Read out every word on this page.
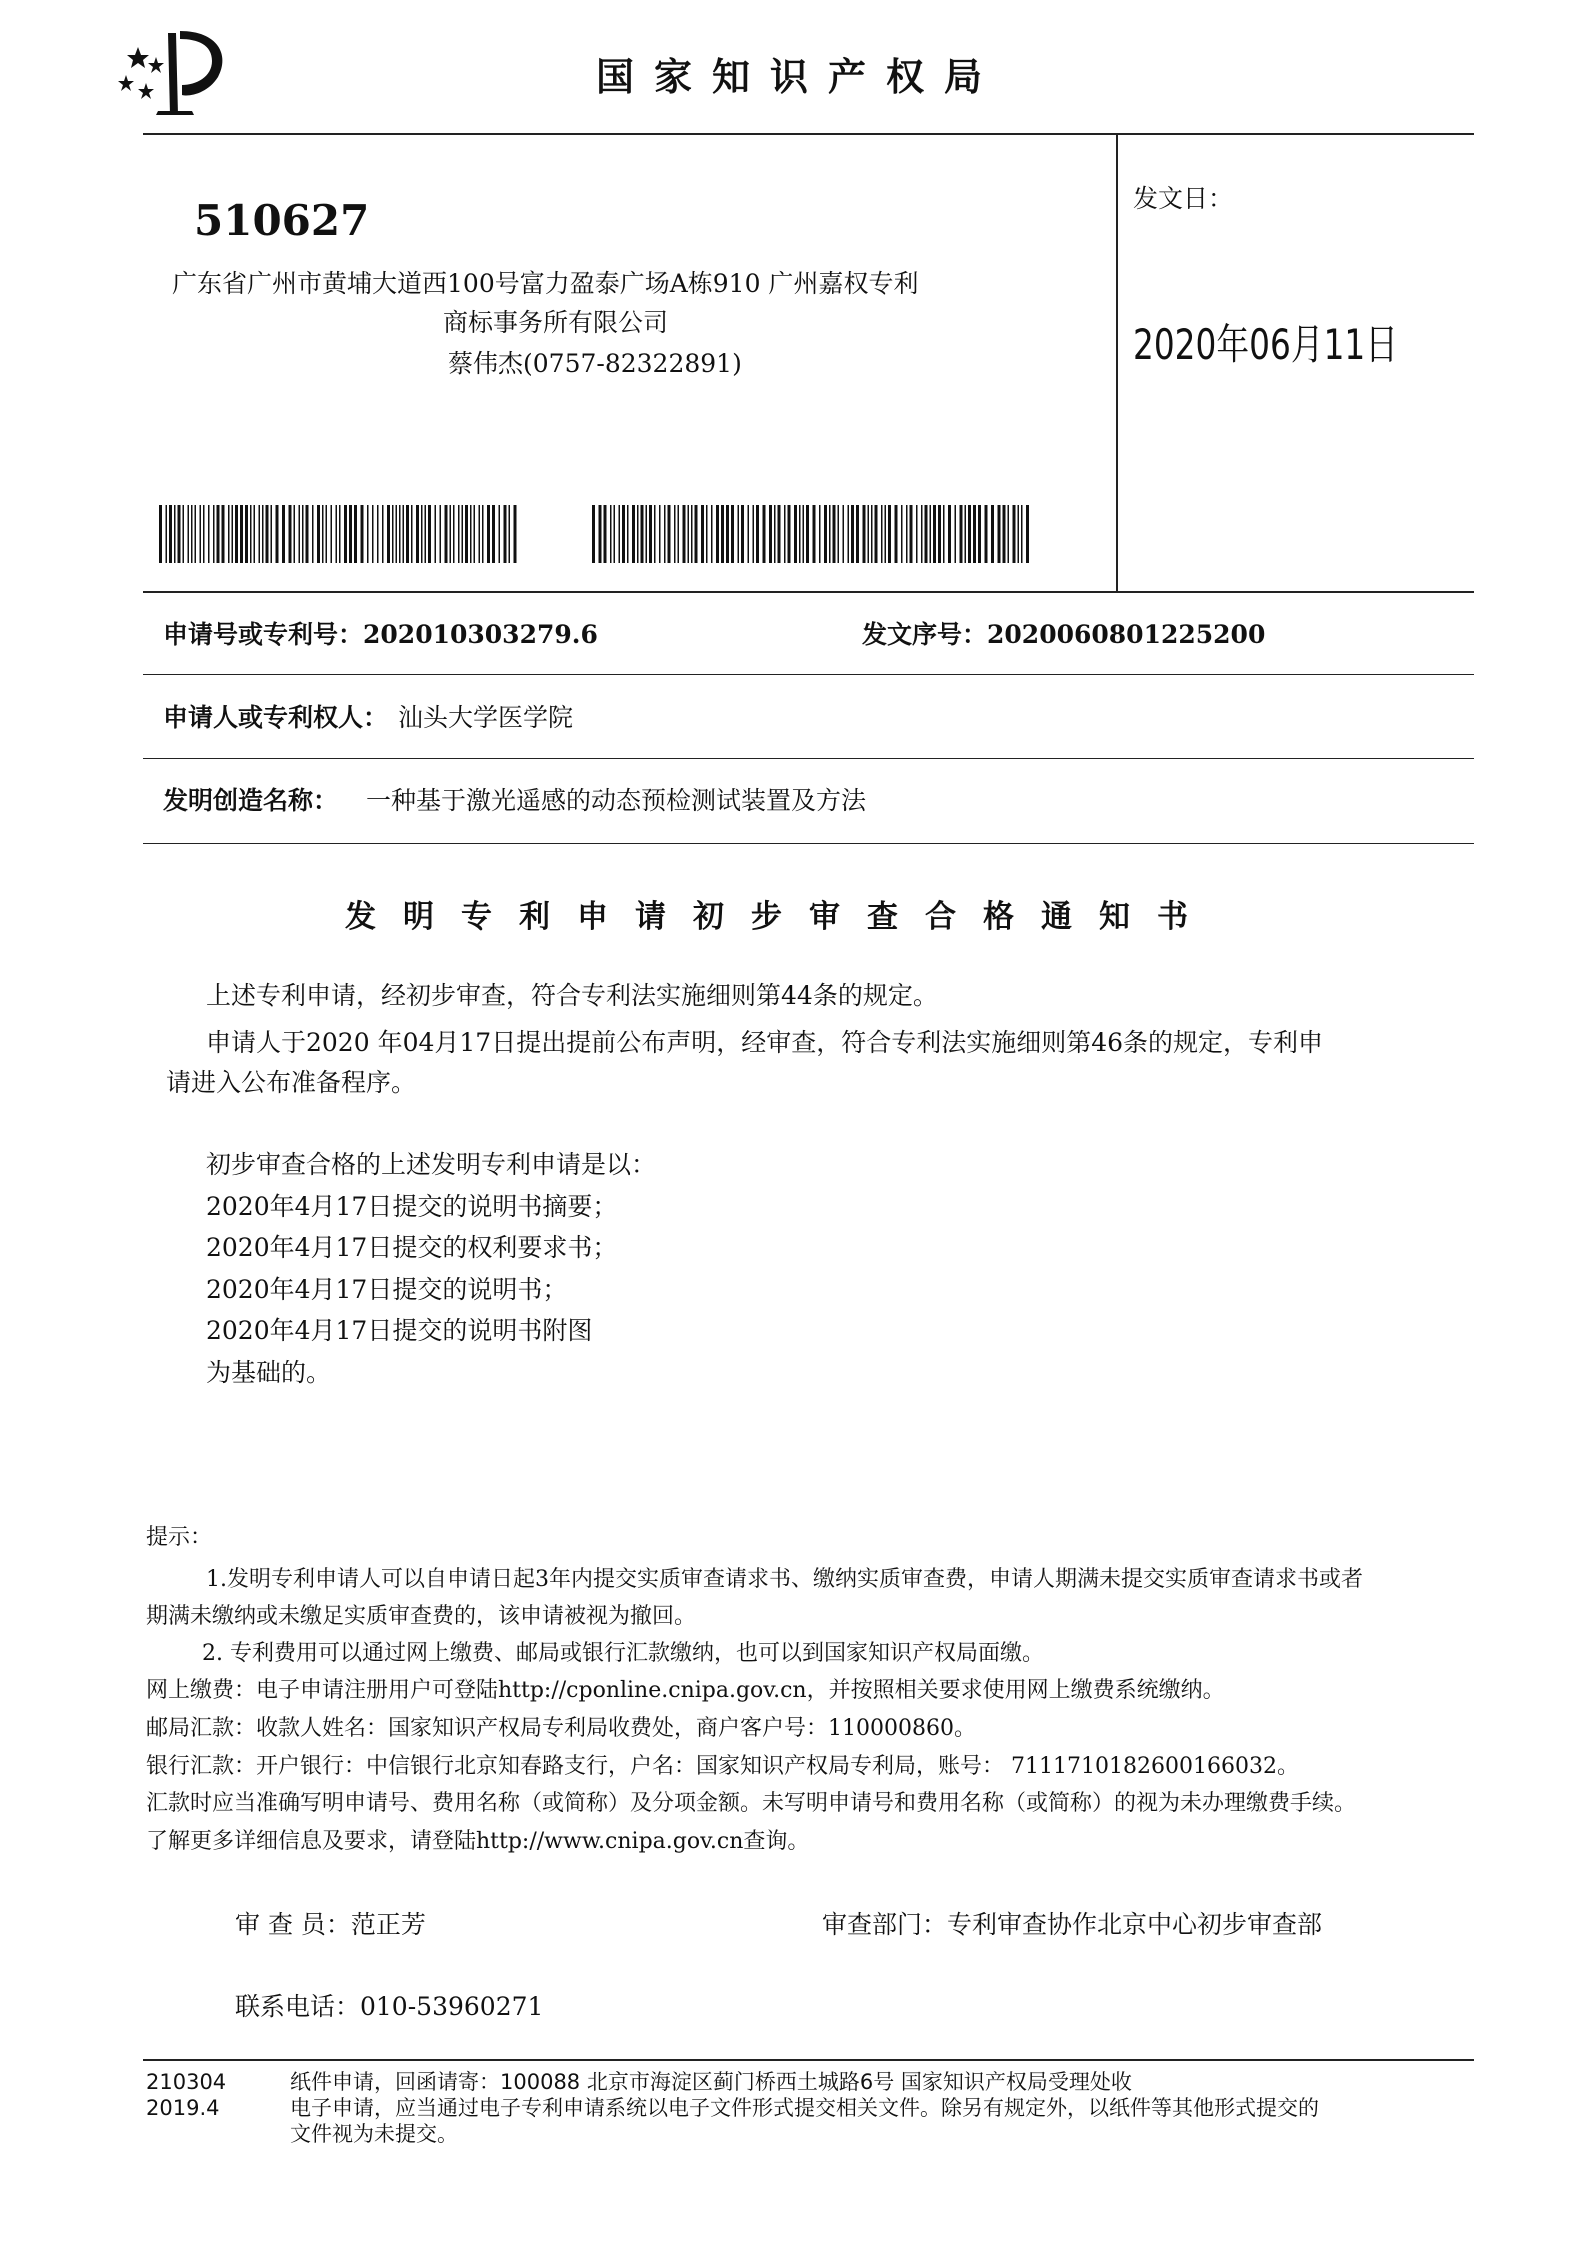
国家知识产权局
510627
广东省广州市黄埔大道西100号富力盈泰广场A栋910 广州嘉权专利
商标事务所有限公司
蔡伟杰(0757-82322891)
发文日：
2020年06月11日
申请号或专利号：202010303279.6	发文序号：2020060801225200
申请人或专利权人： 汕头大学医学院
发明创造名称： 一种基于激光遥感的动态预检测试装置及方法
发明专利申请初步审查合格通知书
上述专利申请，经初步审查，符合专利法实施细则第44条的规定。
申请人于2020 年04月17日提出提前公布声明，经审查，符合专利法实施细则第46条的规定，专利申
请进入公布准备程序。
初步审查合格的上述发明专利申请是以：
2020年4月17日提交的说明书摘要；
2020年4月17日提交的权利要求书；
2020年4月17日提交的说明书；
2020年4月17日提交的说明书附图
为基础的。
提示：
1.发明专利申请人可以自申请日起3年内提交实质审查请求书、缴纳实质审查费，申请人期满未提交实质审查请求书或者
期满未缴纳或未缴足实质审查费的，该申请被视为撤回。
2. 专利费用可以通过网上缴费、邮局或银行汇款缴纳，也可以到国家知识产权局面缴。
网上缴费：电子申请注册用户可登陆http://cponline.cnipa.gov.cn，并按照相关要求使用网上缴费系统缴纳。
邮局汇款：收款人姓名：国家知识产权局专利局收费处，商户客户号：110000860。
银行汇款：开户银行：中信银行北京知春路支行，户名：国家知识产权局专利局，账号： 7111710182600166032。
汇款时应当准确写明申请号、费用名称（或简称）及分项金额。未写明申请号和费用名称（或简称）的视为未办理缴费手续。
了解更多详细信息及要求，请登陆http://www.cnipa.gov.cn查询。
审 查 员：范正芳	审查部门：专利审查协作北京中心初步审查部
联系电话：010-53960271
210304
2019.4
纸件申请，回函请寄：100088 北京市海淀区蓟门桥西土城路6号 国家知识产权局受理处收
电子申请，应当通过电子专利申请系统以电子文件形式提交相关文件。除另有规定外，以纸件等其他形式提交的
文件视为未提交。
